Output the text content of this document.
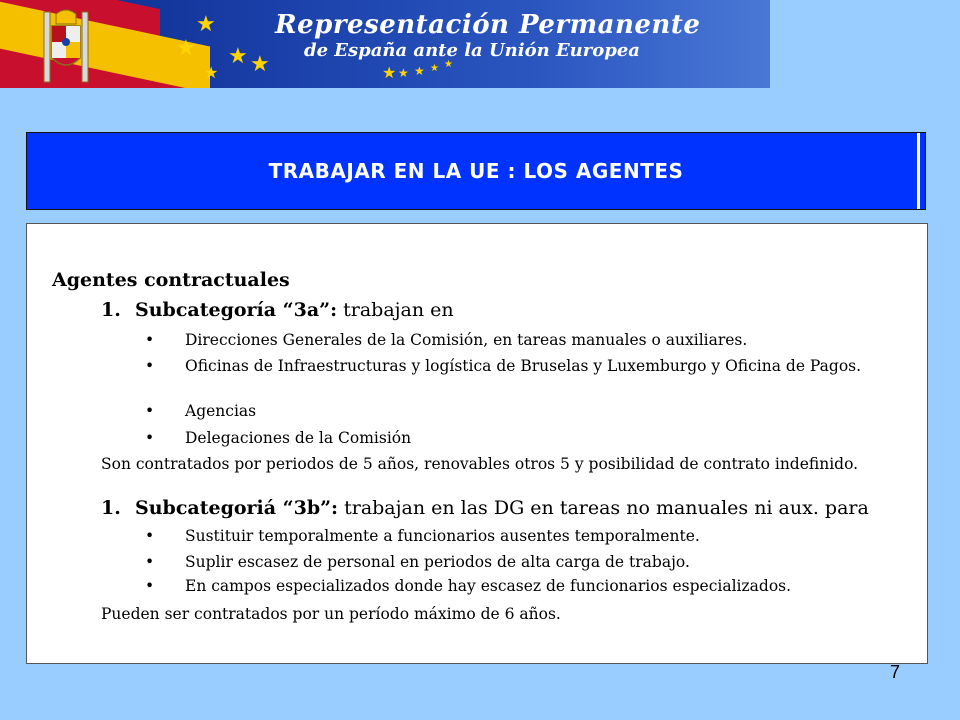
★
★ ★ ★
★	★ ★ ★ ★ ★
Representación Permanente
de España ante la Unión Europea
TRABAJAR EN LA UE : LOS AGENTES
Agentes contractuales
1. Subcategoría “3a”: trabajan en
• Direcciones Generales de la Comisión, en tareas manuales o auxiliares.
• Oficinas de Infraestructuras y logística de Bruselas y Luxemburgo y Oficina de Pagos.
• Agencias
• Delegaciones de la Comisión
Son contratados por periodos de 5 años, renovables otros 5 y posibilidad de contrato indefinido.
1. Subcategoriá “3b”: trabajan en las DG en tareas no manuales ni aux. para
• Sustituir temporalmente a funcionarios ausentes temporalmente.
• Suplir escasez de personal en periodos de alta carga de trabajo.
• En campos especializados donde hay escasez de funcionarios especializados.
Pueden ser contratados por un período máximo de 6 años.
7
